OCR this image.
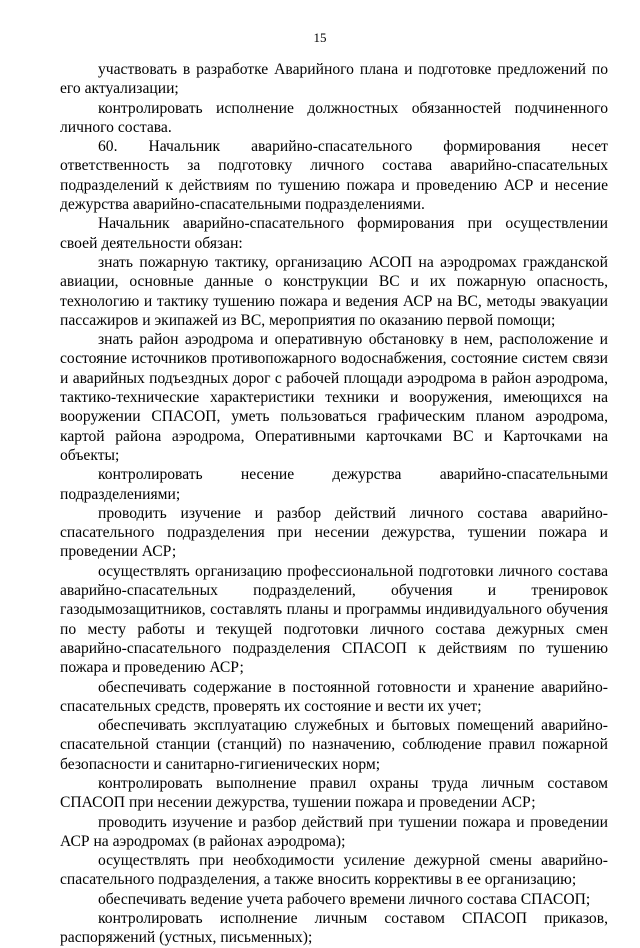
15

участвовать в разработке Аварийного плана и подготовке предложений по его актуализации;

контролировать исполнение должностных обязанностей подчиненного личного состава.

60. Начальник аварийно-спасательного формирования несет ответственность за подготовку личного состава аварийно-спасательных подразделений к действиям по тушению пожара и проведению АСР и несение дежурства аварийно-спасательными подразделениями.

Начальник аварийно-спасательного формирования при осуществлении своей деятельности обязан:

знать пожарную тактику, организацию АСОП на аэродромах гражданской авиации, основные данные о конструкции ВС и их пожарную опасность, технологию и тактику тушению пожара и ведения АСР на ВС, методы эвакуации пассажиров и экипажей из ВС, мероприятия по оказанию первой помощи;

знать район аэродрома и оперативную обстановку в нем, расположение и состояние источников противопожарного водоснабжения, состояние систем связи и аварийных подъездных дорог с рабочей площади аэродрома в район аэродрома, тактико-технические характеристики техники и вооружения, имеющихся на вооружении СПАСОП, уметь пользоваться графическим планом аэродрома, картой района аэродрома, Оперативными карточками ВС и Карточками на объекты;

контролировать несение дежурства аварийно-спасательными подразделениями;

проводить изучение и разбор действий личного состава аварийно-спасательного подразделения при несении дежурства, тушении пожара и проведении АСР;

осуществлять организацию профессиональной подготовки личного состава аварийно-спасательных подразделений, обучения и тренировок газодымозащитников, составлять планы и программы индивидуального обучения по месту работы и текущей подготовки личного состава дежурных смен аварийно-спасательного подразделения СПАСОП к действиям по тушению пожара и проведению АСР;

обеспечивать содержание в постоянной готовности и хранение аварийно-спасательных средств, проверять их состояние и вести их учет;

обеспечивать эксплуатацию служебных и бытовых помещений аварийно-спасательной станции (станций) по назначению, соблюдение правил пожарной безопасности и санитарно-гигиенических норм;

контролировать выполнение правил охраны труда личным составом СПАСОП при несении дежурства, тушении пожара и проведении АСР;

проводить изучение и разбор действий при тушении пожара и проведении АСР на аэродромах (в районах аэродрома);

осуществлять при необходимости усиление дежурной смены аварийно-спасательного подразделения, а также вносить коррективы в ее организацию;

обеспечивать ведение учета рабочего времени личного состава СПАСОП;

контролировать исполнение личным составом СПАСОП приказов, распоряжений (устных, письменных);
